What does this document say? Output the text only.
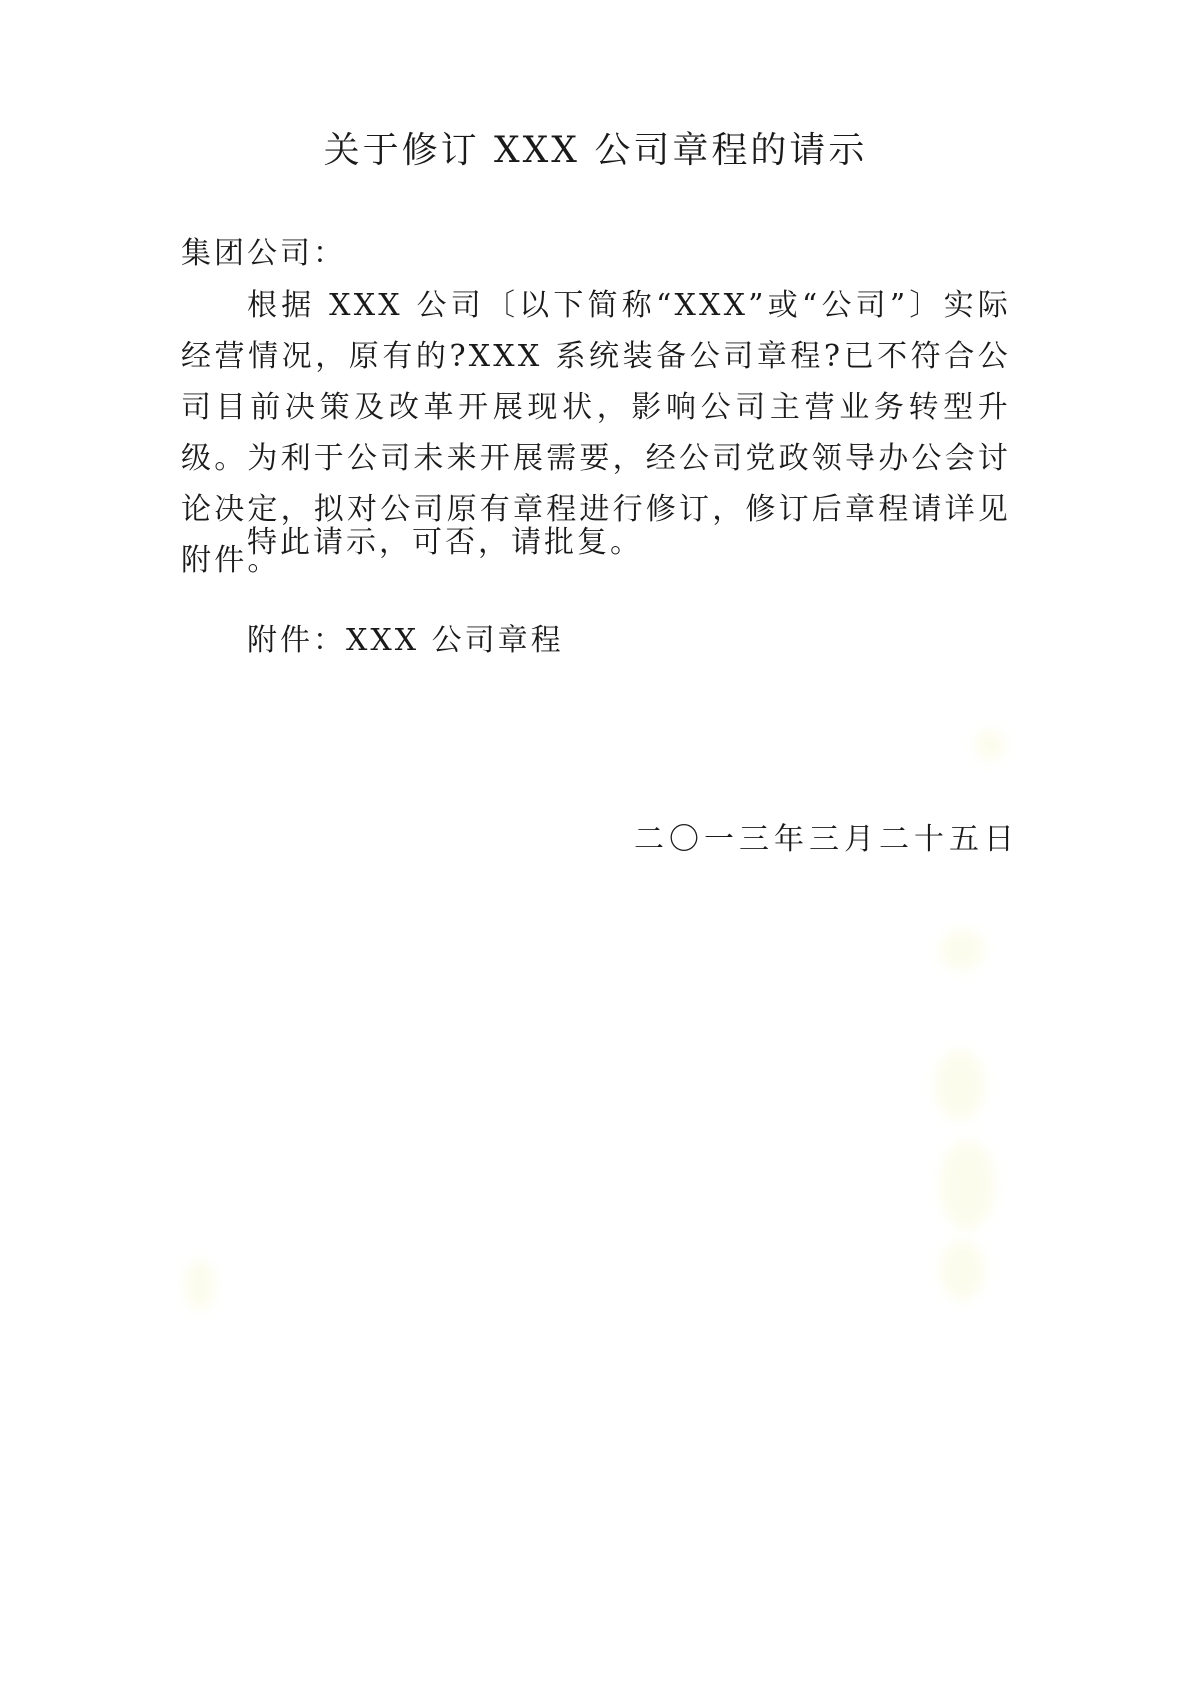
关于修订 XXX 公司章程的请示
集团公司：

根据 XXX 公司〔以下简称“XXX”或“公司”〕实际经营情况，原有的?XXX 系统装备公司章程?已不符合公司目前决策及改革开展现状，影响公司主营业务转型升级。为利于公司未来开展需要，经公司党政领导办公会讨论决定，拟对公司原有章程进行修订，修订后章程请详见附件。

特此请示，可否，请批复。
附件：XXX 公司章程
二〇一三年三月二十五日
